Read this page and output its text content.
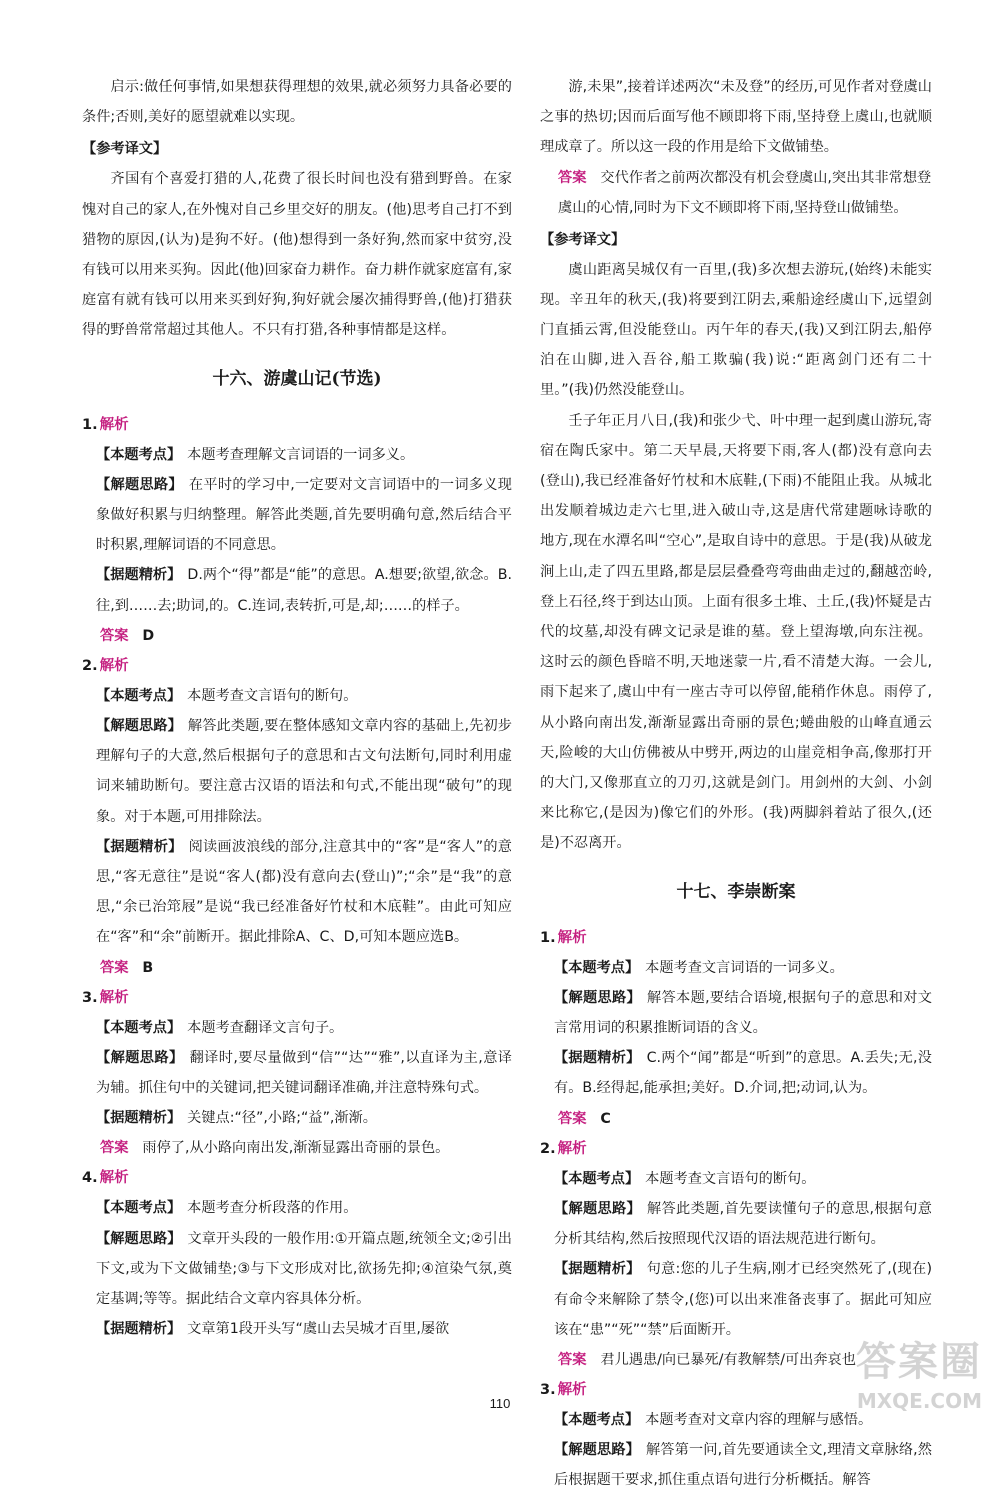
启示:做任何事情,如果想获得理想的效果,就必须努力具备必要的条件;否则,美好的愿望就难以实现。

【参考译文】

齐国有个喜爱打猎的人,花费了很长时间也没有猎到野兽。在家愧对自己的家人,在外愧对自己乡里交好的朋友。(他)思考自己打不到猎物的原因,(认为)是狗不好。(他)想得到一条好狗,然而家中贫穷,没有钱可以用来买狗。因此(他)回家奋力耕作。奋力耕作就家庭富有,家庭富有就有钱可以用来买到好狗,狗好就会屡次捕得野兽,(他)打猎获得的野兽常常超过其他人。不只有打猎,各种事情都是这样。

十六、游虞山记(节选)

1. 解析

【本题考点】 本题考查理解文言词语的一词多义。

【解题思路】 在平时的学习中,一定要对文言词语中的一词多义现象做好积累与归纳整理。解答此类题,首先要明确句意,然后结合平时积累,理解词语的不同意思。

【据题精析】 D.两个“得”都是“能”的意思。A.想要;欲望,欲念。B.往,到……去;助词,的。C.连词,表转折,可是,却;……的样子。

答案 D

2. 解析

【本题考点】 本题考查文言语句的断句。

【解题思路】 解答此类题,要在整体感知文章内容的基础上,先初步理解句子的大意,然后根据句子的意思和古文句法断句,同时利用虚词来辅助断句。要注意古汉语的语法和句式,不能出现“破句”的现象。对于本题,可用排除法。

【据题精析】 阅读画波浪线的部分,注意其中的“客”是“客人”的意思,“客无意往”是说“客人(都)没有意向去(登山)”;“余”是“我”的意思,“余已治筇屐”是说“我已经准备好竹杖和木底鞋”。由此可知应在“客”和“余”前断开。据此排除A、C、D,可知本题应选B。

答案 B

3. 解析

【本题考点】 本题考查翻译文言句子。

【解题思路】 翻译时,要尽量做到“信”“达”“雅”,以直译为主,意译为辅。抓住句中的关键词,把关键词翻译准确,并注意特殊句式。

【据题精析】 关键点:“径”,小路;“益”,渐渐。

答案 雨停了,从小路向南出发,渐渐显露出奇丽的景色。

4. 解析

【本题考点】 本题考查分析段落的作用。

【解题思路】 文章开头段的一般作用:①开篇点题,统领全文;②引出下文,或为下文做铺垫;③与下文形成对比,欲扬先抑;④渲染气氛,奠定基调;等等。据此结合文章内容具体分析。

【据题精析】 文章第1段开头写“虞山去吴城才百里,屡欲

游,未果”,接着详述两次“未及登”的经历,可见作者对登虞山之事的热切;因而后面写他不顾即将下雨,坚持登上虞山,也就顺理成章了。所以这一段的作用是给下文做铺垫。

答案 交代作者之前两次都没有机会登虞山,突出其非常想登虞山的心情,同时为下文不顾即将下雨,坚持登山做铺垫。

【参考译文】

虞山距离吴城仅有一百里,(我)多次想去游玩,(始终)未能实现。辛丑年的秋天,(我)将要到江阴去,乘船途经虞山下,远望剑门直插云霄,但没能登山。丙午年的春天,(我)又到江阴去,船停泊在山脚,进入吾谷,船工欺骗(我)说:“距离剑门还有二十里。”(我)仍然没能登山。

壬子年正月八日,(我)和张少弋、叶中理一起到虞山游玩,寄宿在陶氏家中。第二天早晨,天将要下雨,客人(都)没有意向去(登山),我已经准备好竹杖和木底鞋,(下雨)不能阻止我。从城北出发顺着城边走六七里,进入破山寺,这是唐代常建题咏诗歌的地方,现在水潭名叫“空心”,是取自诗中的意思。于是(我)从破龙涧上山,走了四五里路,都是层层叠叠弯弯曲曲走过的,翻越峦岭,登上石径,终于到达山顶。上面有很多土堆、土丘,(我)怀疑是古代的坟墓,却没有碑文记录是谁的墓。登上望海墩,向东注视。这时云的颜色昏暗不明,天地迷蒙一片,看不清楚大海。一会儿,雨下起来了,虞山中有一座古寺可以停留,能稍作休息。雨停了,从小路向南出发,渐渐显露出奇丽的景色;蜷曲般的山峰直通云天,险峻的大山仿佛被从中劈开,两边的山崖竞相争高,像那打开的大门,又像那直立的刀刃,这就是剑门。用剑州的大剑、小剑来比称它,(是因为)像它们的外形。(我)两脚斜着站了很久,(还是)不忍离开。

十七、李崇断案

1. 解析

【本题考点】 本题考查文言词语的一词多义。

【解题思路】 解答本题,要结合语境,根据句子的意思和对文言常用词的积累推断词语的含义。

【据题精析】 C.两个“闻”都是“听到”的意思。A.丢失;无,没有。B.经得起,能承担;美好。D.介词,把;动词,认为。

答案 C

2. 解析

【本题考点】 本题考查文言语句的断句。

【解题思路】 解答此类题,首先要读懂句子的意思,根据句意分析其结构,然后按照现代汉语的语法规范进行断句。

【据题精析】 句意:您的儿子生病,刚才已经突然死了,(现在)有命令来解除了禁令,(您)可以出来准备丧事了。据此可知应该在“患”“死”“禁”后面断开。

答案 君儿遇患/向已暴死/有教解禁/可出奔哀也

3. 解析

【本题考点】 本题考查对文章内容的理解与感悟。

【解题思路】 解答第一问,首先要通读全文,理清文章脉络,然后根据题干要求,抓住重点语句进行分析概括。解答

110
答案圈
MXQE.COM
